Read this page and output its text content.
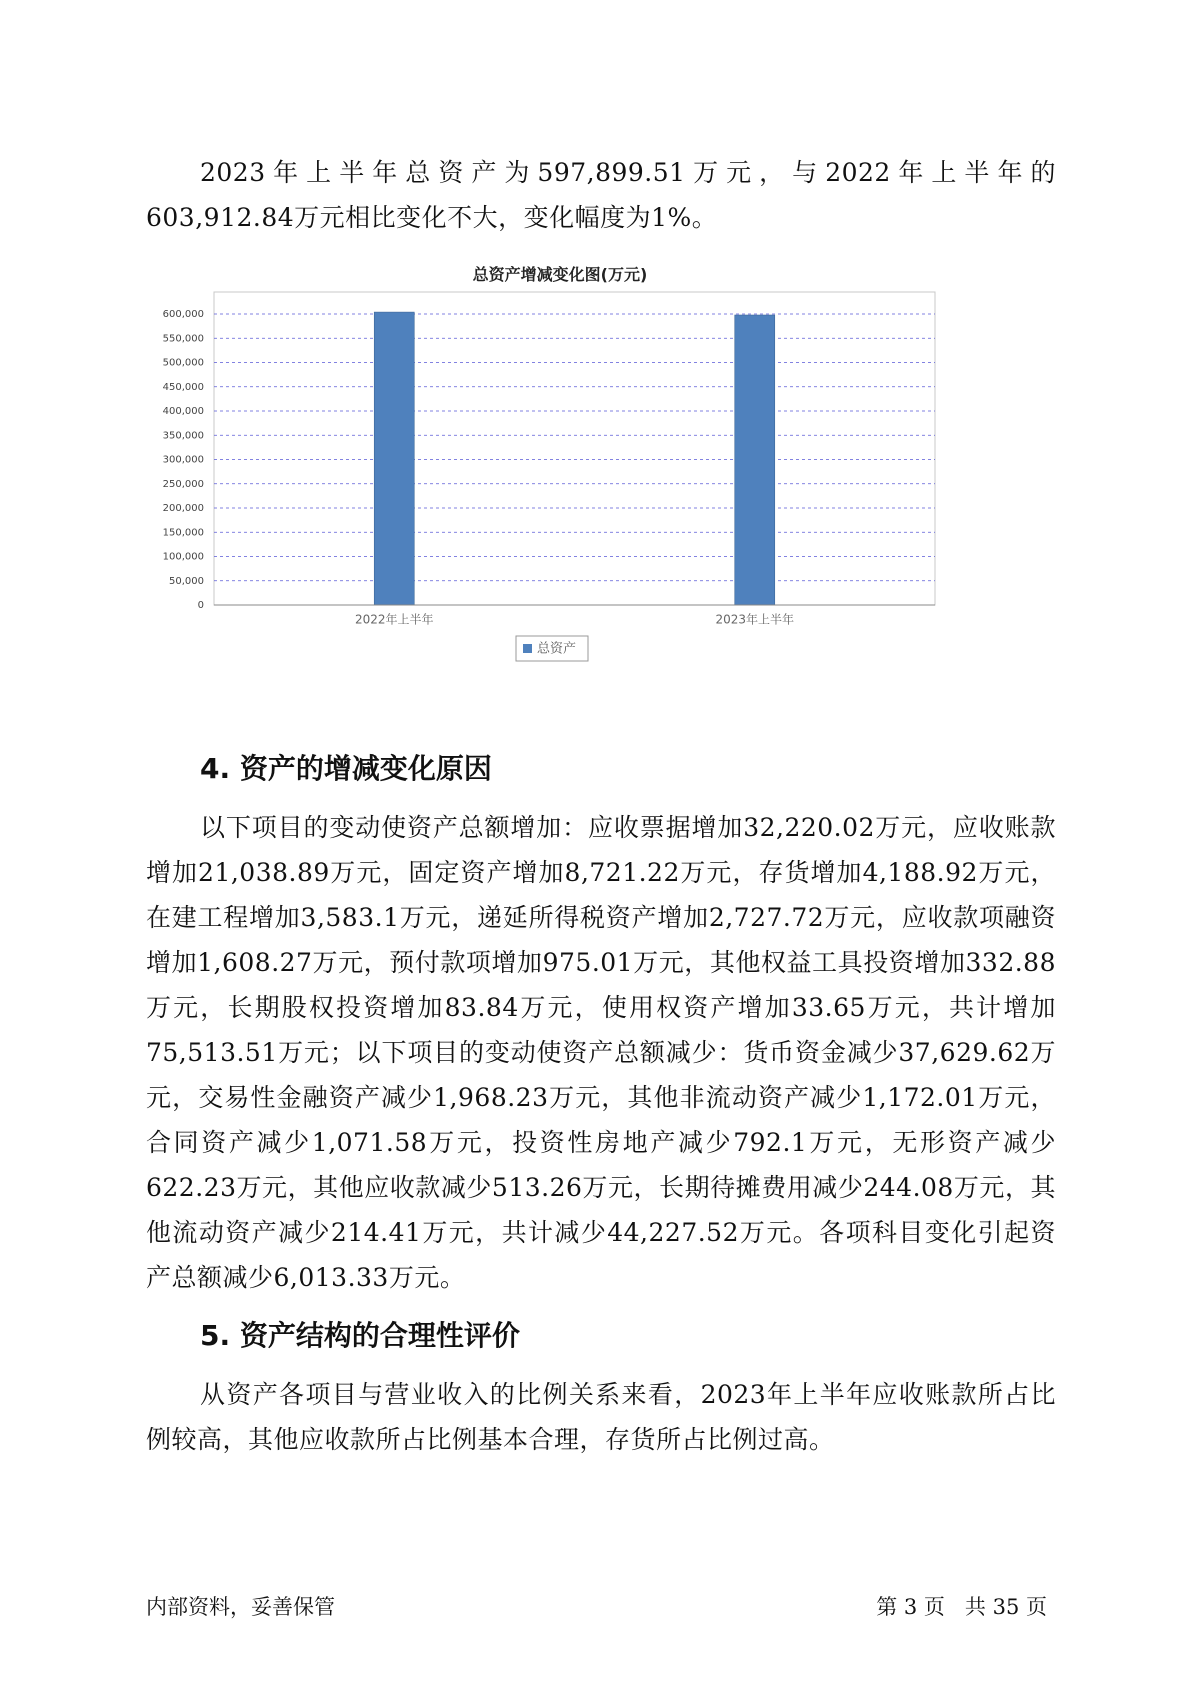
2023年上半年总资产为597,899.51万元，与2022年上半年的603,912.84万元相比变化不大，变化幅度为1%。

总资产增减变化图(万元)
0
50,000
100,000
150,000
200,000
250,000
300,000
350,000
400,000
450,000
500,000
550,000
600,000
2022年上半年	2023年上半年
总资产
4. 资产的增减变化原因

以下项目的变动使资产总额增加：应收票据增加32,220.02万元，应收账款增加21,038.89万元，固定资产增加8,721.22万元，存货增加4,188.92万元，在建工程增加3,583.1万元，递延所得税资产增加2,727.72万元，应收款项融资增加1,608.27万元，预付款项增加975.01万元，其他权益工具投资增加332.88万元，长期股权投资增加83.84万元，使用权资产增加33.65万元，共计增加75,513.51万元；以下项目的变动使资产总额减少：货币资金减少37,629.62万元，交易性金融资产减少1,968.23万元，其他非流动资产减少1,172.01万元，合同资产减少1,071.58万元，投资性房地产减少792.1万元，无形资产减少622.23万元，其他应收款减少513.26万元，长期待摊费用减少244.08万元，其他流动资产减少214.41万元，共计减少44,227.52万元。各项科目变化引起资产总额减少6,013.33万元。

5. 资产结构的合理性评价

从资产各项目与营业收入的比例关系来看，2023年上半年应收账款所占比例较高，其他应收款所占比例基本合理，存货所占比例过高。

内部资料，妥善保管	第 3 页   共 35 页
